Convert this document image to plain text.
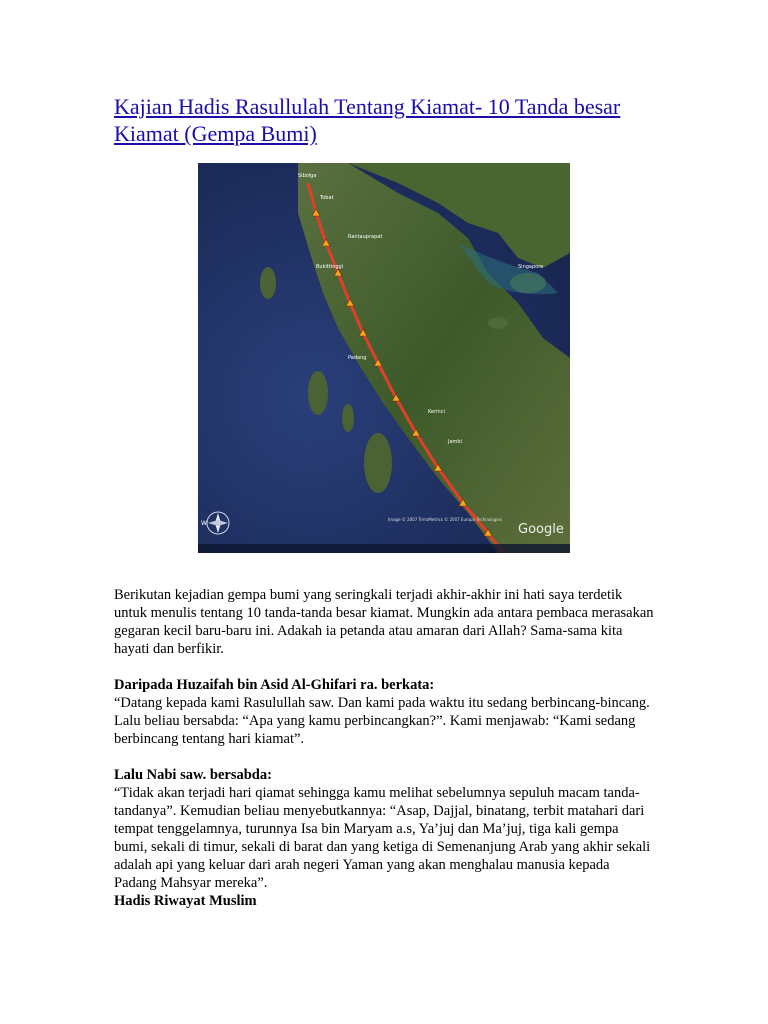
Kajian Hadis Rasullulah Tentang Kiamat- 10 Tanda besar Kiamat (Gempa Bumi)
Sibolga
Tobat
Rantauprapat
Bukittinggi
Padang
Kerinci
Jambi
Singapore
W	Google
Image © 2007 TerraMetrics © 2007 Europa Technologies

Berikutan kejadian gempa bumi yang seringkali terjadi akhir-akhir ini hati saya terdetik untuk menulis tentang 10 tanda-tanda besar kiamat. Mungkin ada antara pembaca merasakan gegaran kecil baru-baru ini. Adakah ia petanda atau amaran dari Allah? Sama-sama kita hayati dan berfikir.

Daripada Huzaifah bin Asid Al-Ghifari ra. berkata:

“Datang kepada kami Rasulullah saw. Dan kami pada waktu itu sedang berbincang-bincang. Lalu beliau bersabda: “Apa yang kamu perbincangkan?”. Kami menjawab: “Kami sedang berbincang tentang hari kiamat”.

Lalu Nabi saw. bersabda:

“Tidak akan terjadi hari qiamat sehingga kamu melihat sebelumnya sepuluh macam tanda-tandanya”. Kemudian beliau menyebutkannya: “Asap, Dajjal, binatang, terbit matahari dari tempat tenggelamnya, turunnya Isa bin Maryam a.s, Ya’juj dan Ma’juj, tiga kali gempa bumi, sekali di timur, sekali di barat dan yang ketiga di Semenanjung Arab yang akhir sekali adalah api yang keluar dari arah negeri Yaman yang akan menghalau manusia kepada Padang Mahsyar mereka”.

Hadis Riwayat Muslim
